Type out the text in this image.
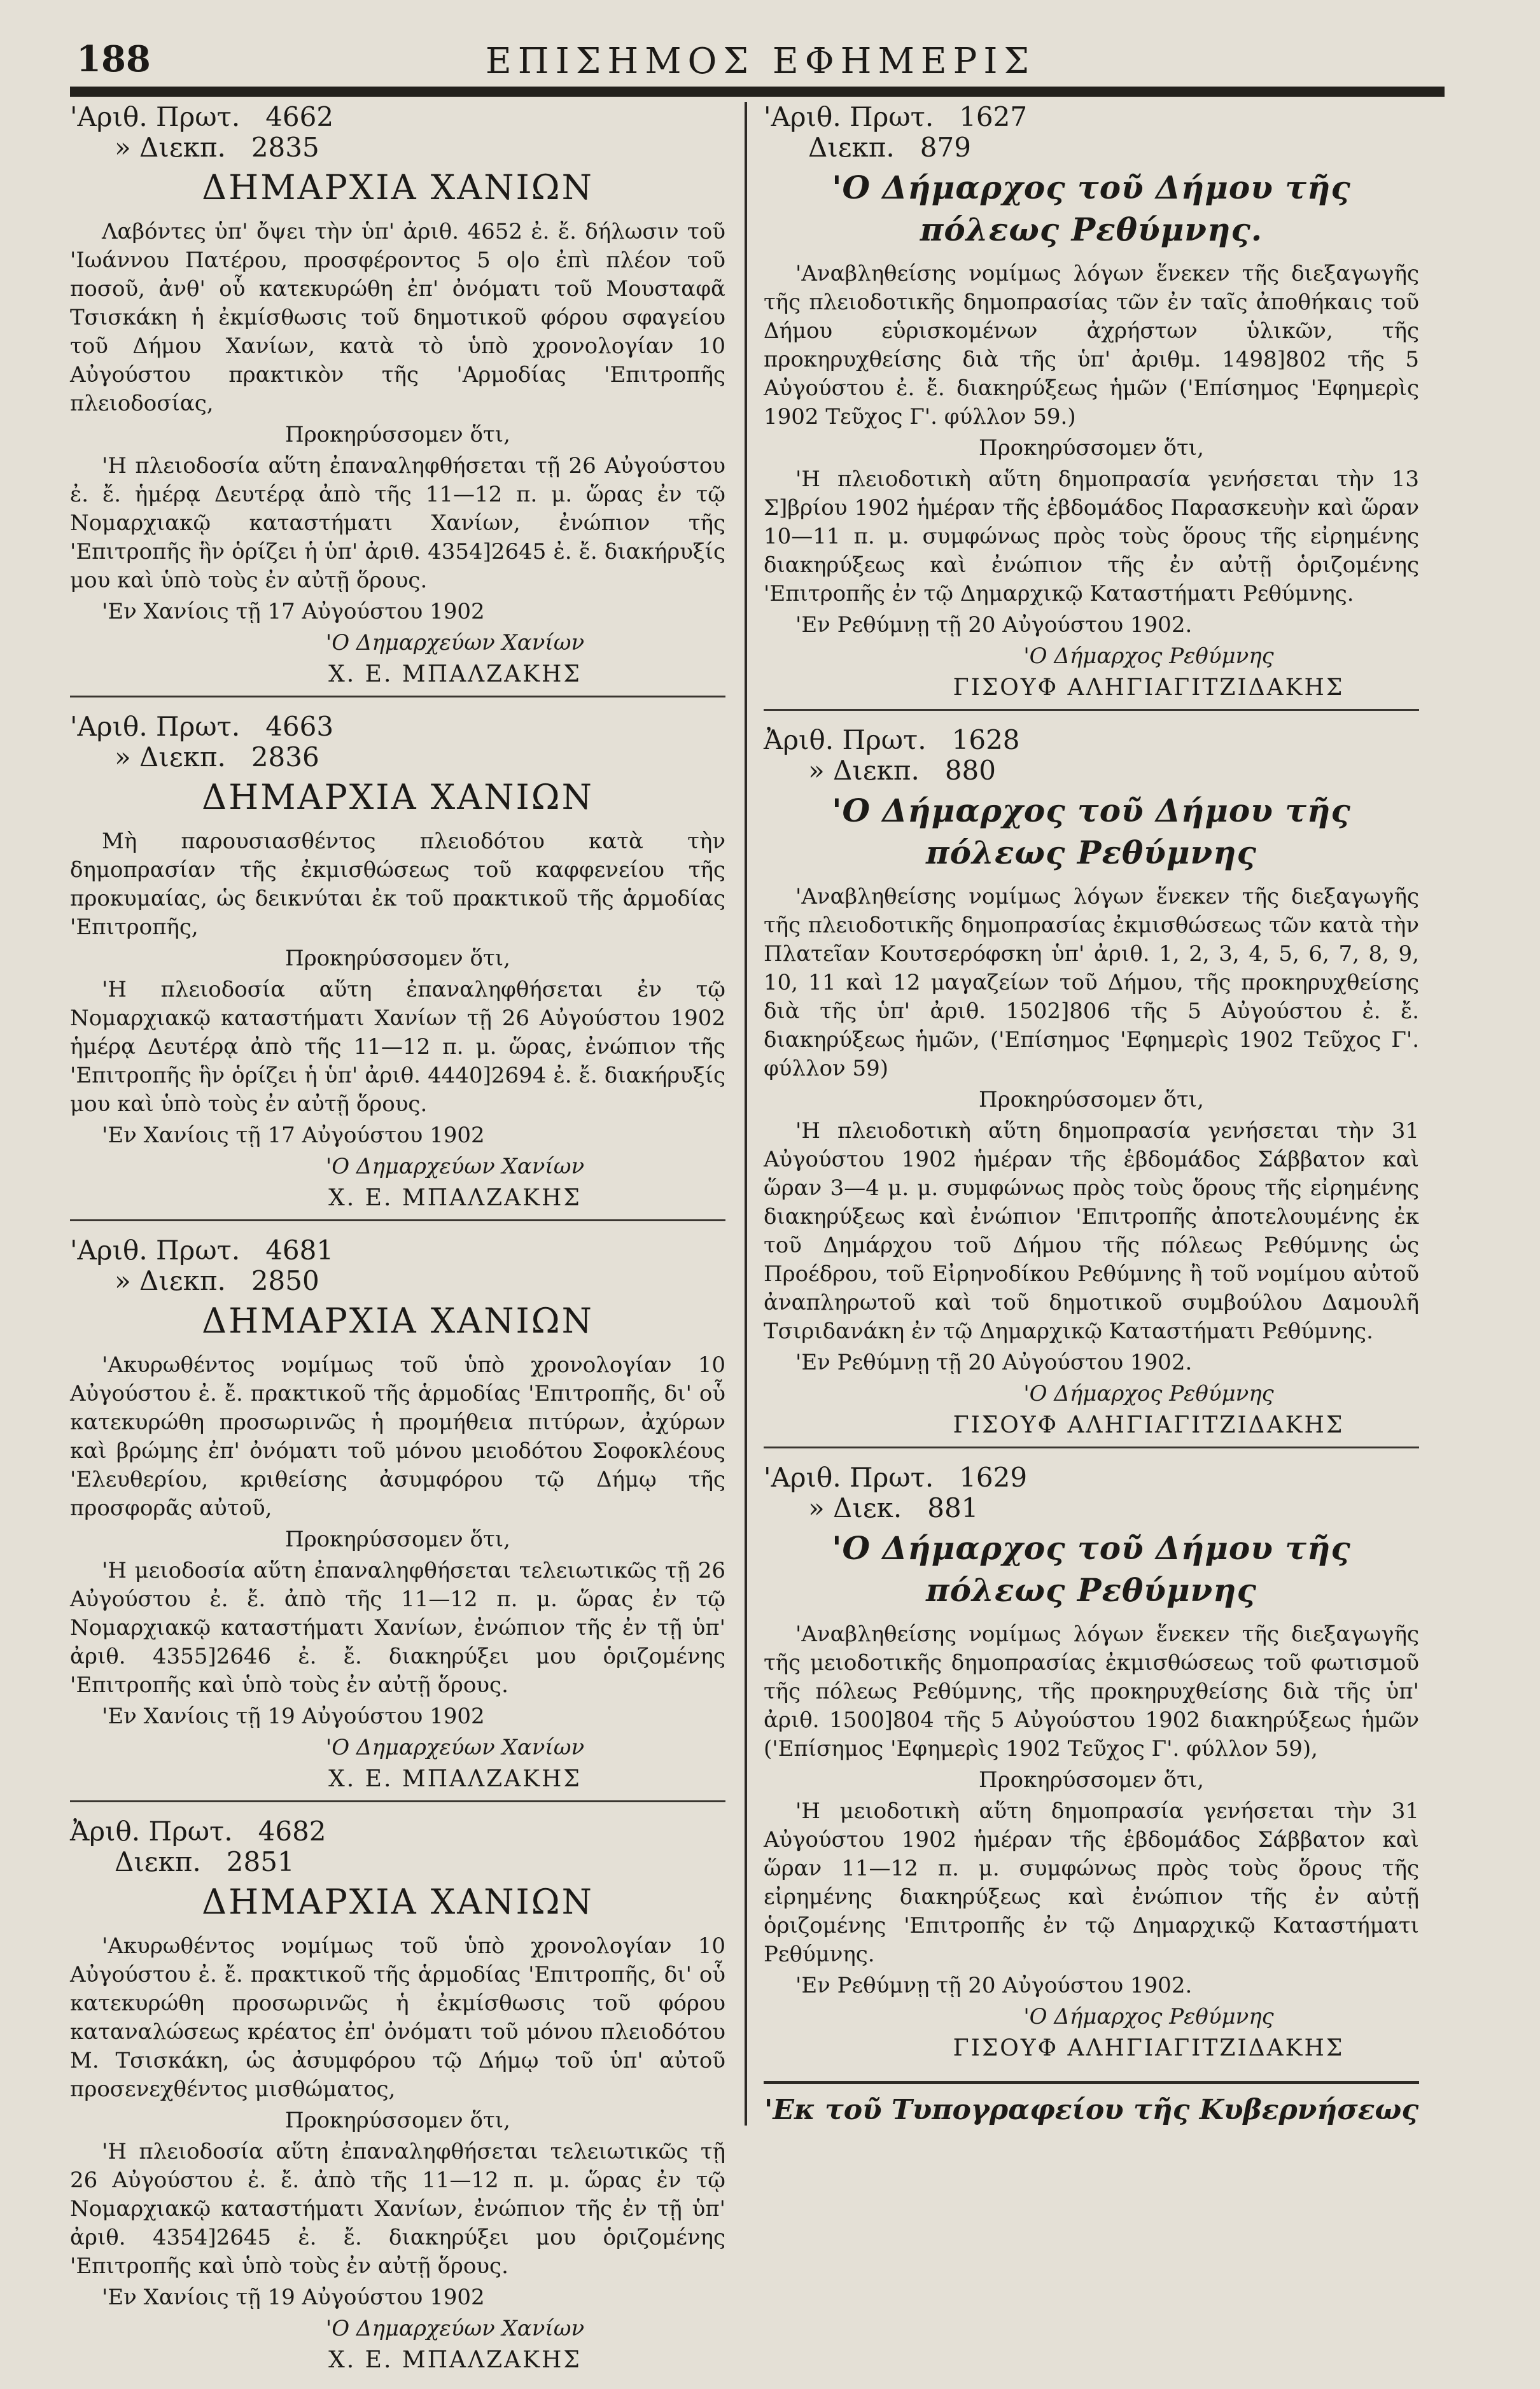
188	ΕΠΙΣΗΜΟΣ ΕΦΗΜΕΡΙΣ
'Αριθ. Πρωτ. 4662
» Διεκπ. 2835
ΔΗΜΑΡΧΙΑ ΧΑΝΙΩΝ

Λαβόντες ὑπ' ὄψει τὴν ὑπ' ἀριθ. 4652 ἐ. ἔ. δήλωσιν τοῦ 'Ιωάννου Πατέρου, προσφέροντος 5 ο|ο ἐπὶ πλέον τοῦ ποσοῦ, ἀνθ' οὗ κατεκυρώθη ἐπ' ὀνόματι τοῦ Μουσταφᾶ Τσισκάκη ἡ ἐκμίσθωσις τοῦ δημοτικοῦ φόρου σφαγείου τοῦ Δήμου Χανίων, κατὰ τὸ ὑπὸ χρονολογίαν 10 Αὐγούστου πρακτικὸν τῆς 'Αρμοδίας 'Επιτροπῆς πλειοδοσίας,

Προκηρύσσομεν ὅτι,

'Η πλειοδοσία αὕτη ἐπαναληφθήσεται τῇ 26 Αὐγούστου ἐ. ἔ. ἡμέρᾳ Δευτέρᾳ ἀπὸ τῆς 11—12 π. μ. ὥρας ἐν τῷ Νομαρχιακῷ καταστήματι Χανίων, ἐνώπιον τῆς 'Επιτροπῆς ἣν ὁρίζει ἡ ὑπ' ἀριθ. 4354]2645 ἐ. ἔ. διακήρυξίς μου καὶ ὑπὸ τοὺς ἐν αὐτῇ ὅρους.

'Εν Χανίοις τῇ 17 Αὐγούστου 1902
'Ο Δημαρχεύων Χανίων
Χ. Ε. ΜΠΑΛΖΑΚΗΣ
'Αριθ. Πρωτ. 4663
» Διεκπ. 2836
ΔΗΜΑΡΧΙΑ ΧΑΝΙΩΝ

Μὴ παρουσιασθέντος πλειοδότου κατὰ τὴν δημοπρασίαν τῆς ἐκμισθώσεως τοῦ καφφενείου τῆς προκυμαίας, ὡς δεικνύται ἐκ τοῦ πρακτικοῦ τῆς ἁρμοδίας 'Επιτροπῆς,

Προκηρύσσομεν ὅτι,

'Η πλειοδοσία αὕτη ἐπαναληφθήσεται ἐν τῷ Νομαρχιακῷ καταστήματι Χανίων τῇ 26 Αὐγούστου 1902 ἡμέρᾳ Δευτέρᾳ ἀπὸ τῆς 11—12 π. μ. ὥρας, ἐνώπιον τῆς 'Επιτροπῆς ἣν ὁρίζει ἡ ὑπ' ἀριθ. 4440]2694 ἐ. ἔ. διακήρυξίς μου καὶ ὑπὸ τοὺς ἐν αὐτῇ ὅρους.

'Εν Χανίοις τῇ 17 Αὐγούστου 1902
'Ο Δημαρχεύων Χανίων
Χ. Ε. ΜΠΑΛΖΑΚΗΣ
'Αριθ. Πρωτ. 4681
» Διεκπ. 2850
ΔΗΜΑΡΧΙΑ ΧΑΝΙΩΝ

'Ακυρωθέντος νομίμως τοῦ ὑπὸ χρονολογίαν 10 Αὐγούστου ἐ. ἔ. πρακτικοῦ τῆς ἁρμοδίας 'Επιτροπῆς, δι' οὗ κατεκυρώθη προσωρινῶς ἡ προμήθεια πιτύρων, ἀχύρων καὶ βρώμης ἐπ' ὀνόματι τοῦ μόνου μειοδότου Σοφοκλέους 'Ελευθερίου, κριθείσης ἀσυμφόρου τῷ Δήμῳ τῆς προσφορᾶς αὐτοῦ,

Προκηρύσσομεν ὅτι,

'Η μειοδοσία αὕτη ἐπαναληφθήσεται τελειωτικῶς τῇ 26 Αὐγούστου ἐ. ἔ. ἀπὸ τῆς 11—12 π. μ. ὥρας ἐν τῷ Νομαρχιακῷ καταστήματι Χανίων, ἐνώπιον τῆς ἐν τῇ ὑπ' ἀριθ. 4355]2646 ἐ. ἔ. διακηρύξει μου ὁριζομένης 'Επιτροπῆς καὶ ὑπὸ τοὺς ἐν αὐτῇ ὅρους.

'Εν Χανίοις τῇ 19 Αὐγούστου 1902
'Ο Δημαρχεύων Χανίων
Χ. Ε. ΜΠΑΛΖΑΚΗΣ
Ἀριθ. Πρωτ. 4682
Διεκπ. 2851
ΔΗΜΑΡΧΙΑ ΧΑΝΙΩΝ

'Ακυρωθέντος νομίμως τοῦ ὑπὸ χρονολογίαν 10 Αὐγούστου ἐ. ἔ. πρακτικοῦ τῆς ἁρμοδίας 'Επιτροπῆς, δι' οὗ κατεκυρώθη προσωρινῶς ἡ ἐκμίσθωσις τοῦ φόρου καταναλώσεως κρέατος ἐπ' ὀνόματι τοῦ μόνου πλειοδότου Μ. Τσισκάκη, ὡς ἀσυμφόρου τῷ Δήμῳ τοῦ ὑπ' αὐτοῦ προσενεχθέντος μισθώματος,

Προκηρύσσομεν ὅτι,

'Η πλειοδοσία αὕτη ἐπαναληφθήσεται τελειωτικῶς τῇ 26 Αὐγούστου ἐ. ἔ. ἀπὸ τῆς 11—12 π. μ. ὥρας ἐν τῷ Νομαρχιακῷ καταστήματι Χανίων, ἐνώπιον τῆς ἐν τῇ ὑπ' ἀριθ. 4354]2645 ἐ. ἔ. διακηρύξει μου ὁριζομένης 'Επιτροπῆς καὶ ὑπὸ τοὺς ἐν αὐτῇ ὅρους.

'Εν Χανίοις τῇ 19 Αὐγούστου 1902
'Ο Δημαρχεύων Χανίων
Χ. Ε. ΜΠΑΛΖΑΚΗΣ
'Αριθ. Πρωτ. 1627
Διεκπ. 879
'Ο Δήμαρχος τοῦ Δήμου τῆς πόλεως Ρεθύμνης.

'Αναβληθείσης νομίμως λόγων ἕνεκεν τῆς διεξαγωγῆς τῆς πλειοδοτικῆς δημοπρασίας τῶν ἐν ταῖς ἀποθήκαις τοῦ Δήμου εὑρισκομένων ἀχρήστων ὑλικῶν, τῆς προκηρυχθείσης διὰ τῆς ὑπ' ἀριθμ. 1498]802 τῆς 5 Αὐγούστου ἐ. ἔ. διακηρύξεως ἡμῶν ('Επίσημος 'Εφημερὶς 1902 Τεῦχος Γ'. φύλλον 59.)

Προκηρύσσομεν ὅτι,

'Η πλειοδοτικὴ αὕτη δημοπρασία γενήσεται τὴν 13 Σ]βρίου 1902 ἡμέραν τῆς ἑβδομάδος Παρασκευὴν καὶ ὥραν 10—11 π. μ. συμφώνως πρὸς τοὺς ὅρους τῆς εἰρημένης διακηρύξεως καὶ ἐνώπιον τῆς ἐν αὐτῇ ὁριζομένης 'Επιτροπῆς ἐν τῷ Δημαρχικῷ Καταστήματι Ρεθύμνης.

'Εν Ρεθύμνῃ τῇ 20 Αὐγούστου 1902.
'Ο Δήμαρχος Ρεθύμνης
ΓΙΣΟΥΦ ΑΛΗΓΙΑΓΙΤΖΙΔΑΚΗΣ
Ἀριθ. Πρωτ. 1628
» Διεκπ. 880
'Ο Δήμαρχος τοῦ Δήμου τῆς πόλεως Ρεθύμνης

'Αναβληθείσης νομίμως λόγων ἕνεκεν τῆς διεξαγωγῆς τῆς πλειοδοτικῆς δημοπρασίας ἐκμισθώσεως τῶν κατὰ τὴν Πλατεῖαν Κουτσερόφσκη ὑπ' ἀριθ. 1, 2, 3, 4, 5, 6, 7, 8, 9, 10, 11 καὶ 12 μαγαζείων τοῦ Δήμου, τῆς προκηρυχθείσης διὰ τῆς ὑπ' ἀριθ. 1502]806 τῆς 5 Αὐγούστου ἐ. ἔ. διακηρύξεως ἡμῶν, ('Επίσημος 'Εφημερὶς 1902 Τεῦχος Γ'. φύλλον 59)

Προκηρύσσομεν ὅτι,

'Η πλειοδοτικὴ αὕτη δημοπρασία γενήσεται τὴν 31 Αὐγούστου 1902 ἡμέραν τῆς ἑβδομάδος Σάββατον καὶ ὥραν 3—4 μ. μ. συμφώνως πρὸς τοὺς ὅρους τῆς εἰρημένης διακηρύξεως καὶ ἐνώπιον 'Επιτροπῆς ἀποτελουμένης ἐκ τοῦ Δημάρχου τοῦ Δήμου τῆς πόλεως Ρεθύμνης ὡς Προέδρου, τοῦ Εἰρηνοδίκου Ρεθύμνης ἢ τοῦ νομίμου αὐτοῦ ἀναπληρωτοῦ καὶ τοῦ δημοτικοῦ συμβούλου Δαμουλῆ Τσιριδανάκη ἐν τῷ Δημαρχικῷ Καταστήματι Ρεθύμνης.

'Εν Ρεθύμνῃ τῇ 20 Αὐγούστου 1902.
'Ο Δήμαρχος Ρεθύμνης
ΓΙΣΟΥΦ ΑΛΗΓΙΑΓΙΤΖΙΔΑΚΗΣ
'Αριθ. Πρωτ. 1629
» Διεκ. 881
'Ο Δήμαρχος τοῦ Δήμου τῆς πόλεως Ρεθύμνης

'Αναβληθείσης νομίμως λόγων ἕνεκεν τῆς διεξαγωγῆς τῆς μειοδοτικῆς δημοπρασίας ἐκμισθώσεως τοῦ φωτισμοῦ τῆς πόλεως Ρεθύμνης, τῆς προκηρυχθείσης διὰ τῆς ὑπ' ἀριθ. 1500]804 τῆς 5 Αὐγούστου 1902 διακηρύξεως ἡμῶν ('Επίσημος 'Εφημερὶς 1902 Τεῦχος Γ'. φύλλον 59),

Προκηρύσσομεν ὅτι,

'Η μειοδοτικὴ αὕτη δημοπρασία γενήσεται τὴν 31 Αὐγούστου 1902 ἡμέραν τῆς ἑβδομάδος Σάββατον καὶ ὥραν 11—12 π. μ. συμφώνως πρὸς τοὺς ὅρους τῆς εἰρημένης διακηρύξεως καὶ ἐνώπιον τῆς ἐν αὐτῇ ὁριζομένης 'Επιτροπῆς ἐν τῷ Δημαρχικῷ Καταστήματι Ρεθύμνης.

'Εν Ρεθύμνῃ τῇ 20 Αὐγούστου 1902.
'Ο Δήμαρχος Ρεθύμνης
ΓΙΣΟΥΦ ΑΛΗΓΙΑΓΙΤΖΙΔΑΚΗΣ
'Εκ τοῦ Τυπογραφείου τῆς Κυβερνήσεως
